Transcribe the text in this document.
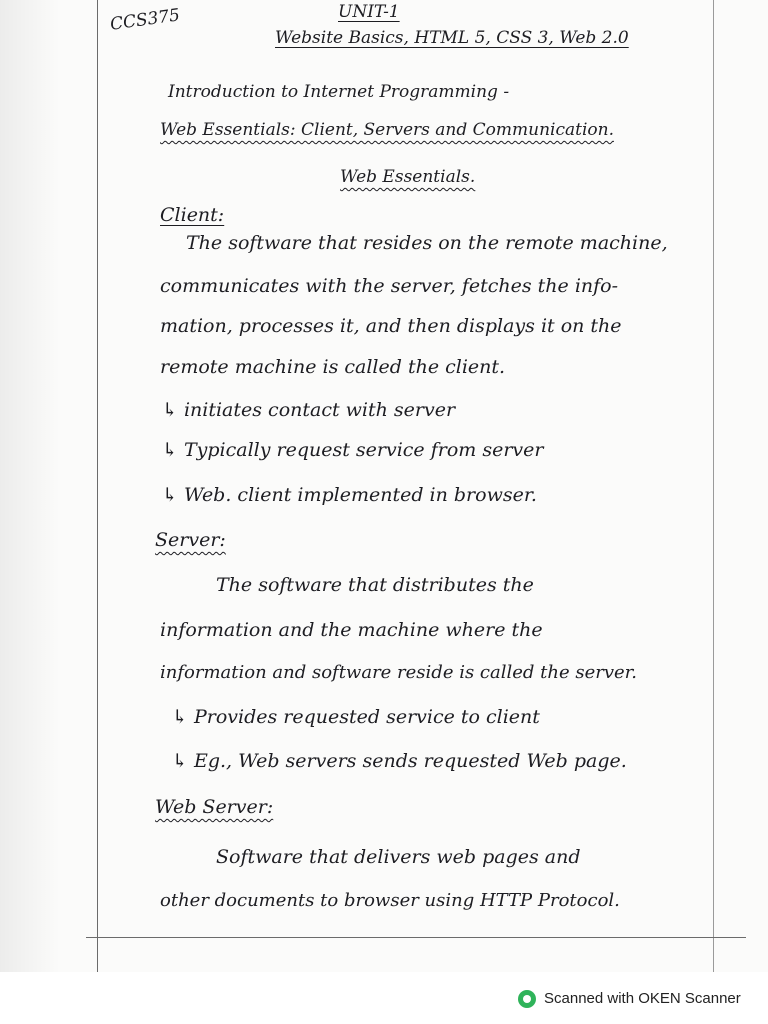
CCS375	UNIT-1
Website Basics, HTML 5, CSS 3, Web 2.0
Introduction to Internet Programming -
Web Essentials: Client, Servers and Communication.
Web Essentials.
Client:
The software that resides on the remote machine,
communicates with the server, fetches the info-
mation, processes it, and then displays it on the
remote machine is called the client.
↳ initiates contact with server
↳ Typically request service from server
↳ Web. client implemented in browser.
Server:
The software that distributes the
information and the machine where the
information and software reside is called the server.
↳ Provides requested service to client
↳ Eg., Web servers sends requested Web page.
Web Server:
Software that delivers web pages and
other documents to browser using HTTP Protocol.
Scanned with OKEN Scanner
